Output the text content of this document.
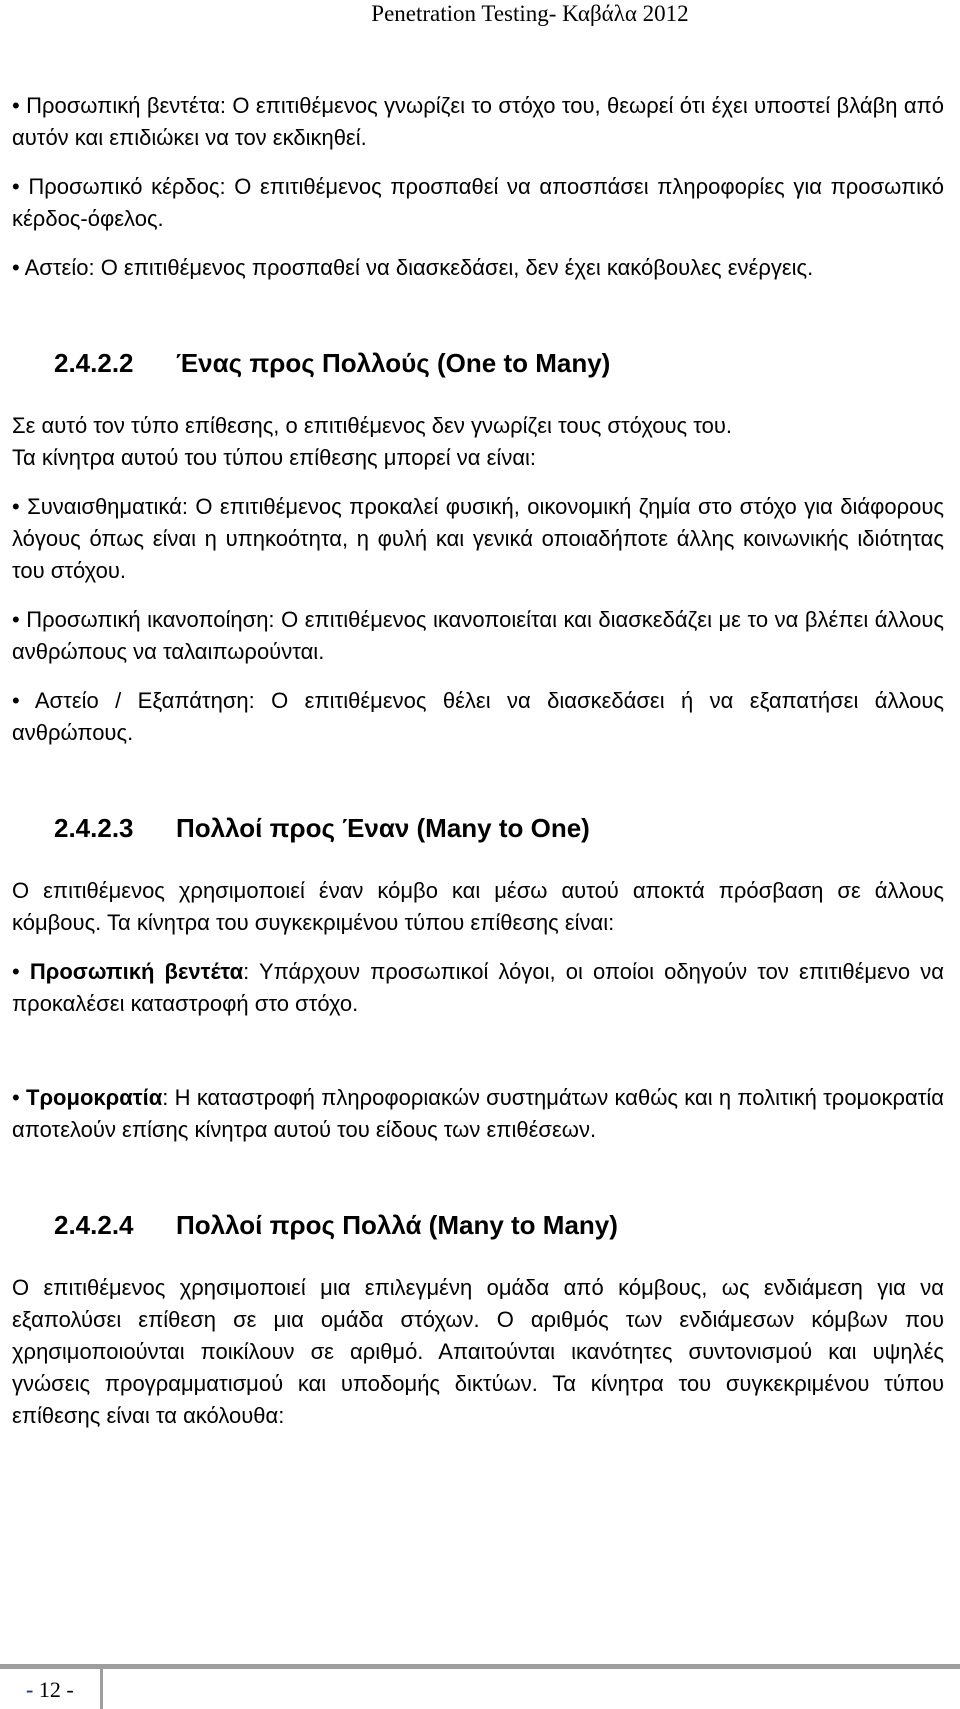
Penetration Testing- Καβάλα 2012

• Προσωπική βεντέτα: Ο επιτιθέμενος γνωρίζει το στόχο του, θεωρεί ότι έχει υποστεί βλάβη από αυτόν και επιδιώκει να τον εκδικηθεί.

• Προσωπικό κέρδος: Ο επιτιθέμενος προσπαθεί να αποσπάσει πληροφορίες για προσωπικό κέρδος-όφελος.

• Αστείο: Ο επιτιθέμενος προσπαθεί να διασκεδάσει, δεν έχει κακόβουλες ενέργεις.

2.4.2.2 Ένας προς Πολλούς (One to Many)

Σε αυτό τον τύπο επίθεσης, ο επιτιθέμενος δεν γνωρίζει τους στόχους του.

Τα κίνητρα αυτού του τύπου επίθεσης μπορεί να είναι:

• Συναισθηματικά: Ο επιτιθέμενος προκαλεί φυσική, οικονομική ζημία στο στόχο για διάφορους λόγους όπως είναι η υπηκοότητα, η φυλή και γενικά οποιαδήποτε άλλης κοινωνικής ιδιότητας του στόχου.

• Προσωπική ικανοποίηση: Ο επιτιθέμενος ικανοποιείται και διασκεδάζει με το να βλέπει άλλους ανθρώπους να ταλαιπωρούνται.

• Αστείο / Εξαπάτηση: Ο επιτιθέμενος θέλει να διασκεδάσει ή να εξαπατήσει άλλους ανθρώπους.

2.4.2.3 Πολλοί προς Έναν (Many to One)

Ο επιτιθέμενος χρησιμοποιεί έναν κόμβο και μέσω αυτού αποκτά πρόσβαση σε άλλους κόμβους. Τα κίνητρα του συγκεκριμένου τύπου επίθεσης είναι:

• Προσωπική βεντέτα: Υπάρχουν προσωπικοί λόγοι, οι οποίοι οδηγούν τον επιτιθέμενο να προκαλέσει καταστροφή στο στόχο.

• Τρομοκρατία: Η καταστροφή πληροφοριακών συστημάτων καθώς και η πολιτική τρομοκρατία αποτελούν επίσης κίνητρα αυτού του είδους των επιθέσεων.

2.4.2.4 Πολλοί προς Πολλά (Many to Many)

Ο επιτιθέμενος χρησιμοποιεί μια επιλεγμένη ομάδα από κόμβους, ως ενδιάμεση για να εξαπολύσει επίθεση σε μια ομάδα στόχων. Ο αριθμός των ενδιάμεσων κόμβων που χρησιμοποιούνται ποικίλουν σε αριθμό. Απαιτούνται ικανότητες συντονισμού και υψηλές γνώσεις προγραμματισμού και υποδομής δικτύων. Τα κίνητρα του συγκεκριμένου τύπου επίθεσης είναι τα ακόλουθα:

- 12 -
